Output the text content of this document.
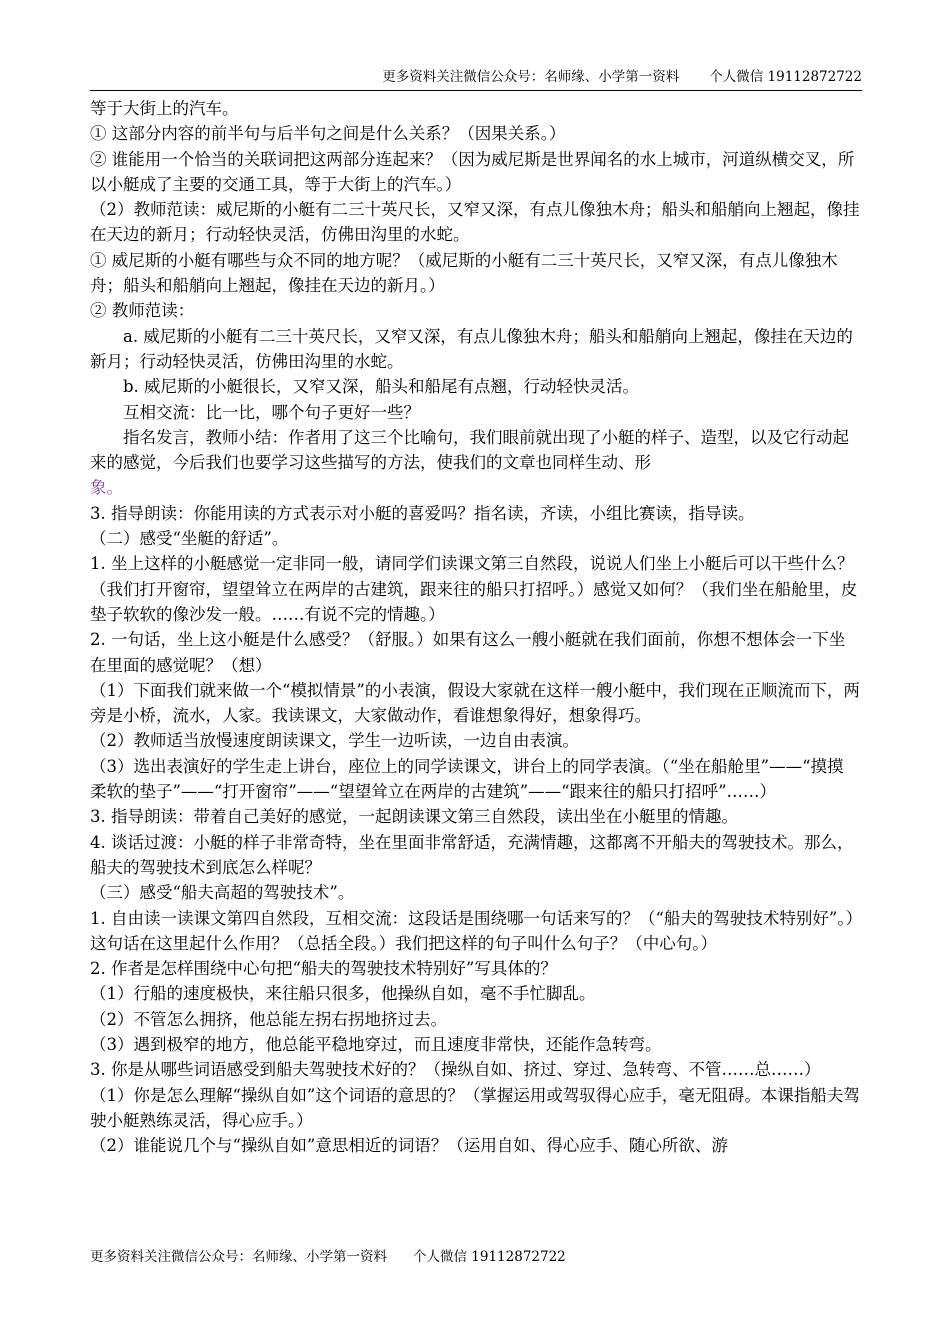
更多资料关注微信公众号：名师缘、小学第一资料 个人微信 19112872722

等于大街上的汽车。

① 这部分内容的前半句与后半句之间是什么关系？（因果关系。）

② 谁能用一个恰当的关联词把这两部分连起来？（因为威尼斯是世界闻名的水上城市，河道纵横交叉，所以小艇成了主要的交通工具，等于大街上的汽车。）

（2）教师范读：威尼斯的小艇有二三十英尺长，又窄又深，有点儿像独木舟；船头和船艄向上翘起，像挂在天边的新月；行动轻快灵活，仿佛田沟里的水蛇。

① 威尼斯的小艇有哪些与众不同的地方呢？（威尼斯的小艇有二三十英尺长，又窄又深，有点儿像独木舟；船头和船艄向上翘起，像挂在天边的新月。）

② 教师范读：

a. 威尼斯的小艇有二三十英尺长，又窄又深，有点儿像独木舟；船头和船艄向上翘起，像挂在天边的新月；行动轻快灵活，仿佛田沟里的水蛇。

b. 威尼斯的小艇很长，又窄又深，船头和船尾有点翘，行动轻快灵活。

互相交流：比一比，哪个句子更好一些？

指名发言，教师小结：作者用了这三个比喻句，我们眼前就出现了小艇的样子、造型，以及它行动起来的感觉，今后我们也要学习这些描写的方法，使我们的文章也同样生动、形

象。

3. 指导朗读：你能用读的方式表示对小艇的喜爱吗？指名读，齐读，小组比赛读，指导读。

（二）感受“坐艇的舒适”。

1. 坐上这样的小艇感觉一定非同一般，请同学们读课文第三自然段，说说人们坐上小艇后可以干些什么？（我们打开窗帘，望望耸立在两岸的古建筑，跟来往的船只打招呼。）感觉又如何？（我们坐在船舱里，皮垫子软软的像沙发一般。……有说不完的情趣。）

2. 一句话，坐上这小艇是什么感受？（舒服。）如果有这么一艘小艇就在我们面前，你想不想体会一下坐在里面的感觉呢？（想）

（1）下面我们就来做一个“模拟情景”的小表演，假设大家就在这样一艘小艇中，我们现在正顺流而下，两旁是小桥，流水，人家。我读课文，大家做动作，看谁想象得好，想象得巧。

（2）教师适当放慢速度朗读课文，学生一边听读，一边自由表演。

（3）选出表演好的学生走上讲台，座位上的同学读课文，讲台上的同学表演。（“坐在船舱里”——“摸摸柔软的垫子”——“打开窗帘”——“望望耸立在两岸的古建筑”——“跟来往的船只打招呼”……）

3. 指导朗读：带着自己美好的感觉，一起朗读课文第三自然段，读出坐在小艇里的情趣。

4. 谈话过渡：小艇的样子非常奇特，坐在里面非常舒适，充满情趣，这都离不开船夫的驾驶技术。那么，船夫的驾驶技术到底怎么样呢？

（三）感受“船夫高超的驾驶技术”。

1. 自由读一读课文第四自然段，互相交流：这段话是围绕哪一句话来写的？（“船夫的驾驶技术特别好”。）这句话在这里起什么作用？（总括全段。）我们把这样的句子叫什么句子？（中心句。）

2. 作者是怎样围绕中心句把“船夫的驾驶技术特别好”写具体的？

（1）行船的速度极快，来往船只很多，他操纵自如，毫不手忙脚乱。

（2）不管怎么拥挤，他总能左拐右拐地挤过去。

（3）遇到极窄的地方，他总能平稳地穿过，而且速度非常快，还能作急转弯。

3. 你是从哪些词语感受到船夫驾驶技术好的？（操纵自如、挤过、穿过、急转弯、不管……总……）

（1）你是怎么理解“操纵自如”这个词语的意思的？（掌握运用或驾驭得心应手，毫无阻碍。本课指船夫驾驶小艇熟练灵活，得心应手。）

（2）谁能说几个与“操纵自如”意思相近的词语？（运用自如、得心应手、随心所欲、游

更多资料关注微信公众号：名师缘、小学第一资料 个人微信 19112872722
